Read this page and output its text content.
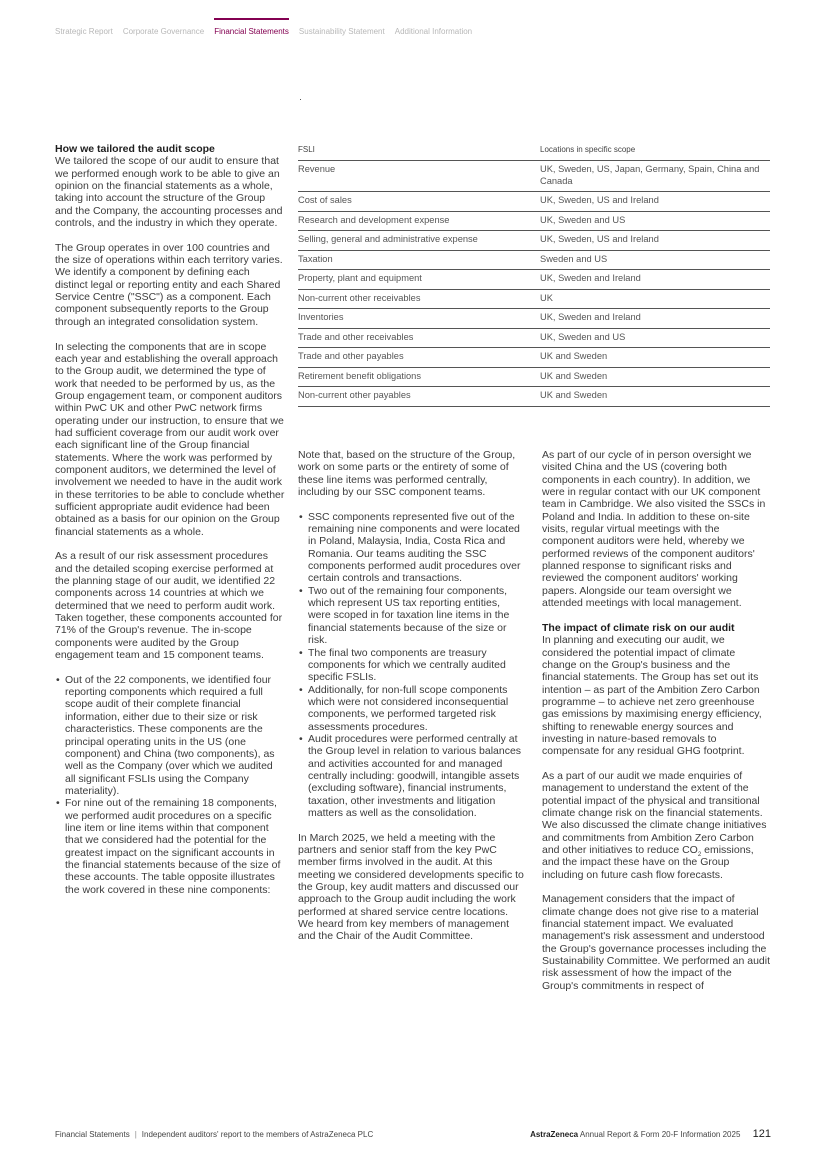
Strategic Report Corporate Governance Financial Statements Sustainability Statement Additional Information
How we tailored the audit scope

We tailored the scope of our audit to ensure that we performed enough work to be able to give an opinion on the financial statements as a whole, taking into account the structure of the Group and the Company, the accounting processes and controls, and the industry in which they operate.

The Group operates in over 100 countries and the size of operations within each territory varies. We identify a component by defining each distinct legal or reporting entity and each Shared Service Centre ("SSC") as a component. Each component subsequently reports to the Group through an integrated consolidation system.

In selecting the components that are in scope each year and establishing the overall approach to the Group audit, we determined the type of work that needed to be performed by us, as the Group engagement team, or component auditors within PwC UK and other PwC network firms operating under our instruction, to ensure that we had sufficient coverage from our audit work over each significant line of the Group financial statements. Where the work was performed by component auditors, we determined the level of involvement we needed to have in the audit work in these territories to be able to conclude whether sufficient appropriate audit evidence had been obtained as a basis for our opinion on the Group financial statements as a whole.

As a result of our risk assessment procedures and the detailed scoping exercise performed at the planning stage of our audit, we identified 22 components across 14 countries at which we determined that we need to perform audit work. Taken together, these components accounted for 71% of the Group's revenue. The in-scope components were audited by the Group engagement team and 15 component teams.

• Out of the 22 components, we identified four reporting components which required a full scope audit of their complete financial information, either due to their size or risk characteristics. These components are the principal operating units in the US (one component) and China (two components), as well as the Company (over which we audited all significant FSLIs using the Company materiality).
• For nine out of the remaining 18 components, we performed audit procedures on a specific line item or line items within that component that we considered had the potential for the greatest impact on the significant accounts in the financial statements because of the size of these accounts. The table opposite illustrates the work covered in these nine components:
FSLI	Locations in specific scope
Revenue	UK, Sweden, US, Japan, Germany, Spain, China and Canada
Cost of sales	UK, Sweden, US and Ireland
Research and development expense	UK, Sweden and US
Selling, general and administrative expense	UK, Sweden, US and Ireland
Taxation	Sweden and US
Property, plant and equipment	UK, Sweden and Ireland
Non-current other receivables	UK
Inventories	UK, Sweden and Ireland
Trade and other receivables	UK, Sweden and US
Trade and other payables	UK and Sweden
Retirement benefit obligations	UK and Sweden
Non-current other payables	UK and Sweden

Note that, based on the structure of the Group, work on some parts or the entirety of some of these line items was performed centrally, including by our SSC component teams.

• SSC components represented five out of the remaining nine components and were located in Poland, Malaysia, India, Costa Rica and Romania. Our teams auditing the SSC components performed audit procedures over certain controls and transactions.
• Two out of the remaining four components, which represent US tax reporting entities, were scoped in for taxation line items in the financial statements because of the size or risk.
• The final two components are treasury components for which we centrally audited specific FSLIs.
• Additionally, for non-full scope components which were not considered inconsequential components, we performed targeted risk assessments procedures.
• Audit procedures were performed centrally at the Group level in relation to various balances and activities accounted for and managed centrally including: goodwill, intangible assets (excluding software), financial instruments, taxation, other investments and litigation matters as well as the consolidation.

In March 2025, we held a meeting with the partners and senior staff from the key PwC member firms involved in the audit. At this meeting we considered developments specific to the Group, key audit matters and discussed our approach to the Group audit including the work performed at shared service centre locations. We heard from key members of management and the Chair of the Audit Committee.

As part of our cycle of in person oversight we visited China and the US (covering both components in each country). In addition, we were in regular contact with our UK component team in Cambridge. We also visited the SSCs in Poland and India. In addition to these on-site visits, regular virtual meetings with the component auditors were held, whereby we performed reviews of the component auditors' planned response to significant risks and reviewed the component auditors' working papers. Alongside our team oversight we attended meetings with local management.

The impact of climate risk on our audit

In planning and executing our audit, we considered the potential impact of climate change on the Group's business and the financial statements. The Group has set out its intention – as part of the Ambition Zero Carbon programme – to achieve net zero greenhouse gas emissions by maximising energy efficiency, shifting to renewable energy sources and investing in nature-based removals to compensate for any residual GHG footprint.

As a part of our audit we made enquiries of management to understand the extent of the potential impact of the physical and transitional climate change risk on the financial statements. We also discussed the climate change initiatives and commitments from Ambition Zero Carbon and other initiatives to reduce $CO_2$ emissions, and the impact these have on the Group including on future cash flow forecasts.

Management considers that the impact of climate change does not give rise to a material financial statement impact. We evaluated management's risk assessment and understood the Group's governance processes including the Sustainability Committee. We performed an audit risk assessment of how the impact of the Group's commitments in respect of

Financial Statements | Independent auditors' report to the members of AstraZeneca PLC	AstraZeneca Annual Report & Form 20-F Information 2025 121
